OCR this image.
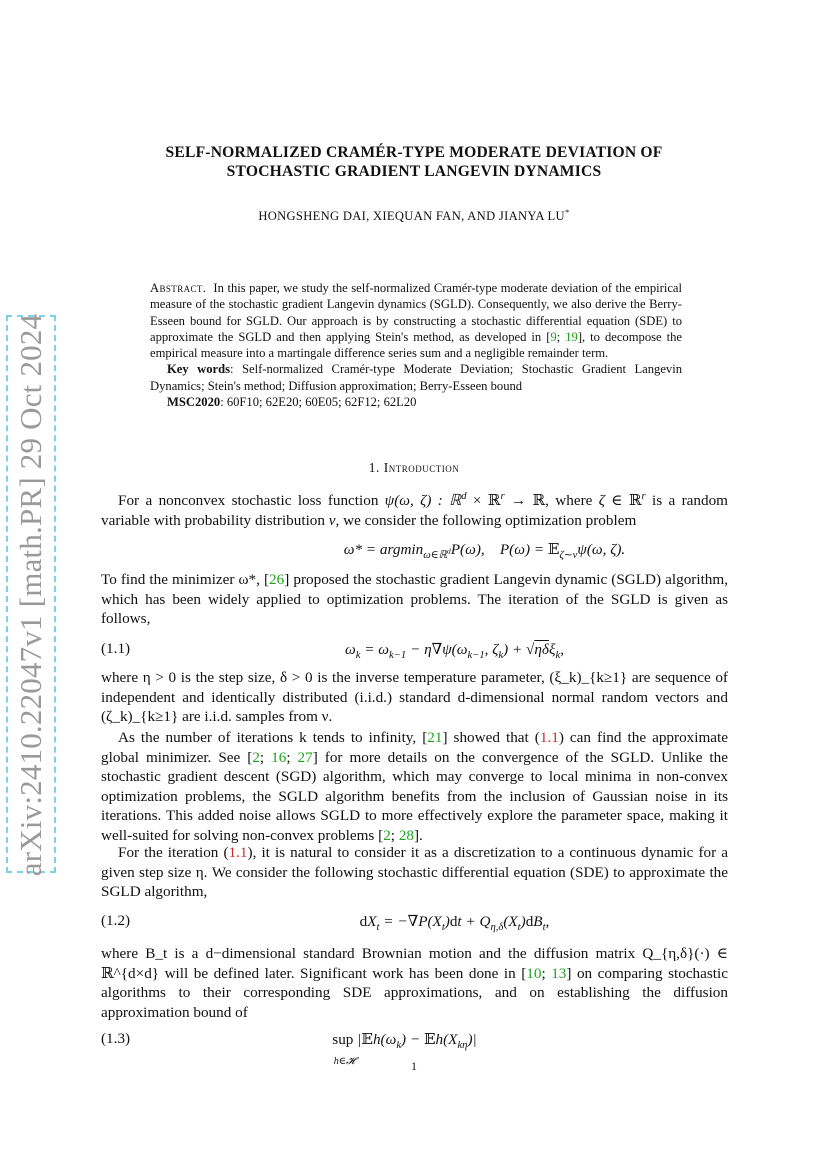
arXiv:2410.22047v1 [math.PR] 29 Oct 2024
SELF-NORMALIZED CRAMÉR-TYPE MODERATE DEVIATION OF
STOCHASTIC GRADIENT LANGEVIN DYNAMICS
HONGSHENG DAI, XIEQUAN FAN, AND JIANYA LU*

Abstract. In this paper, we study the self-normalized Cramér-type moderate deviation of the empirical measure of the stochastic gradient Langevin dynamics (SGLD). Consequently, we also derive the Berry-Esseen bound for SGLD. Our approach is by constructing a stochastic differential equation (SDE) to approximate the SGLD and then applying Stein's method, as developed in [9; 19], to decompose the empirical measure into a martingale difference series sum and a negligible remainder term.

Key words: Self-normalized Cramér-type Moderate Deviation; Stochastic Gradient Langevin Dynamics; Stein's method; Diffusion approximation; Berry-Esseen bound

MSC2020: 60F10; 62E20; 60E05; 62F12; 62L20

1. Introduction

For a nonconvex stochastic loss function ψ(ω, ζ) : ℝ$^d$ × ℝ$^r$ → ℝ, where ζ ∈ ℝ$^r$ is a random variable with probability distribution ν, we consider the following optimization problem

ω* = argmin$_{\omega\in ℝ^d}$P(ω),    P(ω) = 𝔼$_{\zeta\sim\nu}$ψ(ω, ζ).

To find the minimizer ω*, [26] proposed the stochastic gradient Langevin dynamic (SGLD) algorithm, which has been widely applied to optimization problems. The iteration of the SGLD is given as follows,

(1.1)	$\omega_k = \omega_{k-1} - \eta\nabla\psi(\omega_{k-1}$, $\zeta_k) + √\eta\delta\xi_k$,

where η > 0 is the step size, δ > 0 is the inverse temperature parameter, (ξ_k)_{k≥1} are sequence of independent and identically distributed (i.i.d.) standard d-dimensional normal random vectors and (ζ_k)_{k≥1} are i.i.d. samples from ν.

As the number of iterations k tends to infinity, [21] showed that (1.1) can find the approximate global minimizer. See [2; 16; 27] for more details on the convergence of the SGLD. Unlike the stochastic gradient descent (SGD) algorithm, which may converge to local minima in non-convex optimization problems, the SGLD algorithm benefits from the inclusion of Gaussian noise in its iterations. This added noise allows SGLD to more effectively explore the parameter space, making it well-suited for solving non-convex problems [2; 28].

For the iteration (1.1), it is natural to consider it as a discretization to a continuous dynamic for a given step size η. We consider the following stochastic differential equation (SDE) to approximate the SGLD algorithm,

(1.2)	$dX_t = -\nabla P(X_t)dt + Q_{\eta,\delta}(X_t)dB_t$,

where B_t is a d−dimensional standard Brownian motion and the diffusion matrix Q_{η,δ}(·) ∈ ℝ^{d×d} will be defined later. Significant work has been done in [10; 13] on comparing stochastic algorithms to their corresponding SDE approximations, and on establishing the diffusion approximation bound of

(1.3)	sup $|𝔼h(\omega_k)$ − $𝔼h(X_{k\eta})|$
h∈𝓗	1
